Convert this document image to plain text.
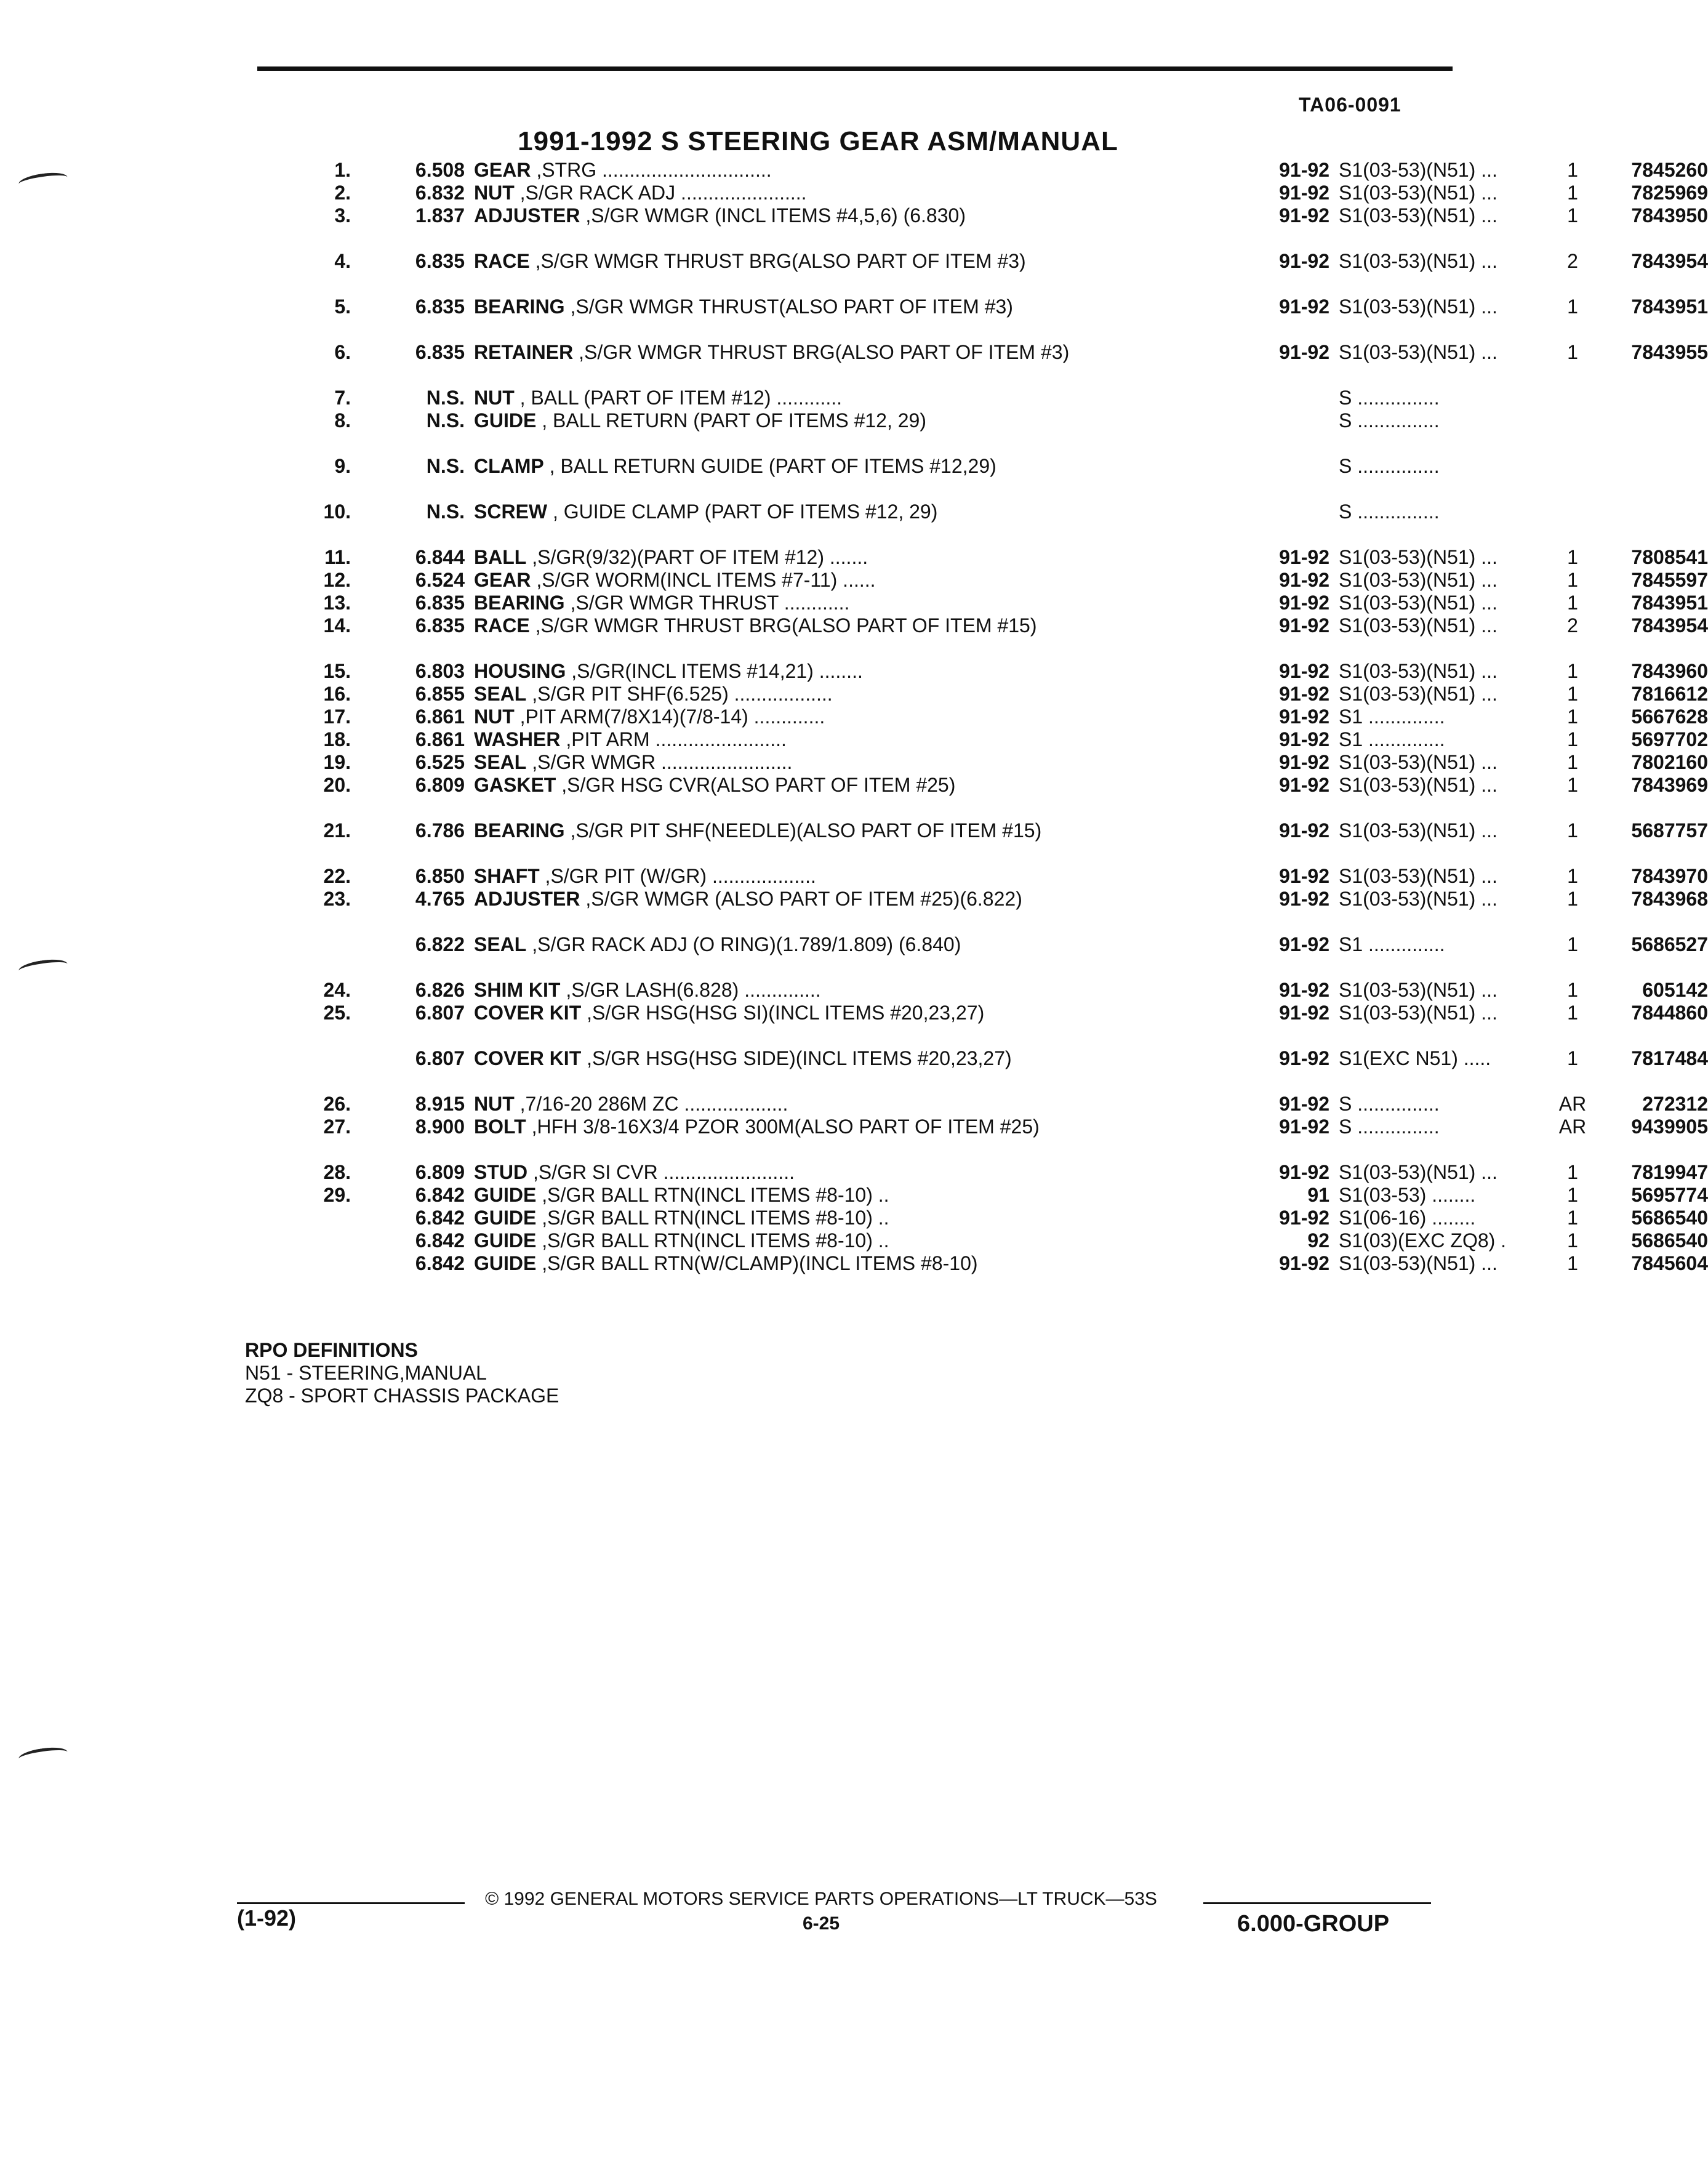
TA06-0091
1991-1992 S STEERING GEAR ASM/MANUAL
1.	6.508 GEAR ,STRG ...............................	91-92 S1(03-53)(N51) ...	1	7845260
2.	6.832 NUT ,S/GR RACK ADJ .......................	91-92 S1(03-53)(N51) ...	1	7825969
3.	1.837 ADJUSTER ,S/GR WMGR (INCL ITEMS #4,5,6) (6.830)	91-92 S1(03-53)(N51) ...	1	7843950
4.	6.835 RACE ,S/GR WMGR THRUST BRG(ALSO PART OF ITEM #3)	91-92 S1(03-53)(N51) ...	2	7843954
5.	6.835 BEARING ,S/GR WMGR THRUST(ALSO PART OF ITEM #3)	91-92 S1(03-53)(N51) ...	1	7843951
6.	6.835 RETAINER ,S/GR WMGR THRUST BRG(ALSO PART OF ITEM #3)	91-92 S1(03-53)(N51) ...	1	7843955
7.	N.S. NUT , BALL (PART OF ITEM #12) ............	S ...............
8.	N.S. GUIDE , BALL RETURN (PART OF ITEMS #12, 29)	S ...............
9.	N.S. CLAMP , BALL RETURN GUIDE (PART OF ITEMS #12,29)	S ...............
10.	N.S. SCREW , GUIDE CLAMP (PART OF ITEMS #12, 29)	S ...............
11.	6.844 BALL ,S/GR(9/32)(PART OF ITEM #12) .......	91-92 S1(03-53)(N51) ...	1	7808541
12.	6.524 GEAR ,S/GR WORM(INCL ITEMS #7-11) ......	91-92 S1(03-53)(N51) ...	1	7845597
13.	6.835 BEARING ,S/GR WMGR THRUST ............	91-92 S1(03-53)(N51) ...	1	7843951
14.	6.835 RACE ,S/GR WMGR THRUST BRG(ALSO PART OF ITEM #15)	91-92 S1(03-53)(N51) ...	2	7843954
15.	6.803 HOUSING ,S/GR(INCL ITEMS #14,21) ........	91-92 S1(03-53)(N51) ...	1	7843960
16.	6.855 SEAL ,S/GR PIT SHF(6.525) ..................	91-92 S1(03-53)(N51) ...	1	7816612
17.	6.861 NUT ,PIT ARM(7/8X14)(7/8-14) .............	91-92 S1 ..............	1	5667628
18.	6.861 WASHER ,PIT ARM ........................	91-92 S1 ..............	1	5697702
19.	6.525 SEAL ,S/GR WMGR ........................	91-92 S1(03-53)(N51) ...	1	7802160
20.	6.809 GASKET ,S/GR HSG CVR(ALSO PART OF ITEM #25)	91-92 S1(03-53)(N51) ...	1	7843969
21.	6.786 BEARING ,S/GR PIT SHF(NEEDLE)(ALSO PART OF ITEM #15)	91-92 S1(03-53)(N51) ...	1	5687757
22.	6.850 SHAFT ,S/GR PIT (W/GR) ...................	91-92 S1(03-53)(N51) ...	1	7843970
23.	4.765 ADJUSTER ,S/GR WMGR (ALSO PART OF ITEM #25)(6.822)	91-92 S1(03-53)(N51) ...	1	7843968
6.822 SEAL ,S/GR RACK ADJ (O RING)(1.789/1.809) (6.840)	91-92 S1 ..............	1	5686527
24.	6.826 SHIM KIT ,S/GR LASH(6.828) ..............	91-92 S1(03-53)(N51) ...	1	605142
25.	6.807 COVER KIT ,S/GR HSG(HSG SI)(INCL ITEMS #20,23,27)	91-92 S1(03-53)(N51) ...	1	7844860
6.807 COVER KIT ,S/GR HSG(HSG SIDE)(INCL ITEMS #20,23,27)	91-92 S1(EXC N51) .....	1	7817484
26.	8.915 NUT ,7/16-20 286M ZC ...................	91-92 S ...............	AR	272312
27.	8.900 BOLT ,HFH 3/8-16X3/4 PZOR 300M(ALSO PART OF ITEM #25)	91-92 S ...............	AR	9439905
28.	6.809 STUD ,S/GR SI CVR ........................	91-92 S1(03-53)(N51) ...	1	7819947
29.	6.842 GUIDE ,S/GR BALL RTN(INCL ITEMS #8-10) ..	91 S1(03-53) ........	1	5695774
6.842 GUIDE ,S/GR BALL RTN(INCL ITEMS #8-10) ..	91-92 S1(06-16) ........	1	5686540
6.842 GUIDE ,S/GR BALL RTN(INCL ITEMS #8-10) ..	92 S1(03)(EXC ZQ8) .	1	5686540
6.842 GUIDE ,S/GR BALL RTN(W/CLAMP)(INCL ITEMS #8-10)	91-92 S1(03-53)(N51) ...	1	7845604
RPO DEFINITIONS
N51 - STEERING,MANUAL
ZQ8 - SPORT CHASSIS PACKAGE
(1-92)
© 1992 GENERAL MOTORS SERVICE PARTS OPERATIONS—LT TRUCK—53S
6-25	6.000-GROUP
